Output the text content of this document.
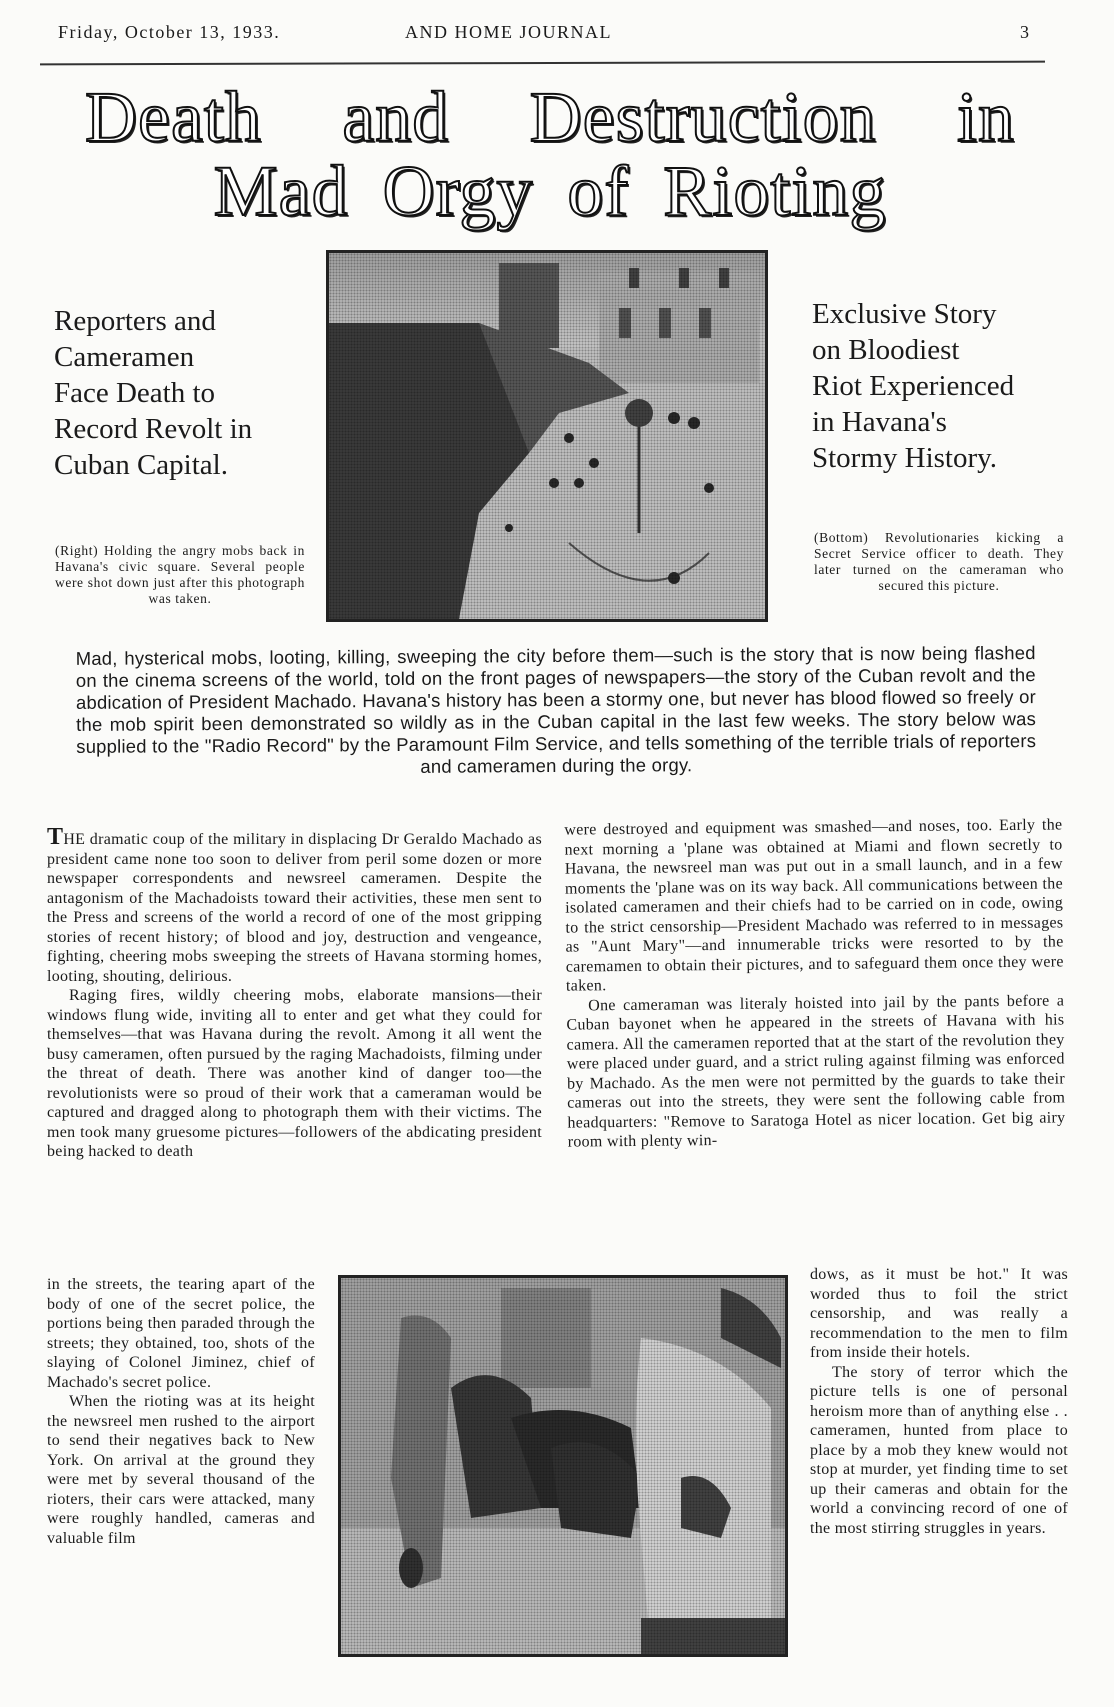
Friday, October 13, 1933.	AND HOME JOURNAL	3
Death and Destruction in
Mad Orgy of Rioting
Reporters and
Cameramen
Face Death to
Record Revolt in
Cuban Capital.
(Right) Holding the angry mobs back in Havana's civic square. Several people were shot down just after this photograph was taken.
Exclusive Story
on Bloodiest
Riot Experienced
in Havana's
Stormy History.
(Bottom) Revolutionaries kicking a Secret Service officer to death. They later turned on the cameraman who secured this picture.
Mad, hysterical mobs, looting, killing, sweeping the city before them—such is the story that is now being flashed on the cinema screens of the world, told on the front pages of newspapers—the story of the Cuban revolt and the abdication of President Machado. Havana's history has been a stormy one, but never has blood flowed so freely or the mob spirit been demonstrated so wildly as in the Cuban capital in the last few weeks. The story below was supplied to the "Radio Record" by the Paramount Film Service, and tells something of the terrible trials of reporters and cameramen during the orgy.

THE dramatic coup of the military in displacing Dr Geraldo Machado as president came none too soon to deliver from peril some dozen or more newspaper correspondents and newsreel cameramen. Despite the antagonism of the Machadoists toward their activities, these men sent to the Press and screens of the world a record of one of the most gripping stories of recent history; of blood and joy, destruction and vengeance, fighting, cheering mobs sweeping the streets of Havana storming homes, looting, shouting, delirious.

Raging fires, wildly cheering mobs, elaborate mansions—their windows flung wide, inviting all to enter and get what they could for themselves—that was Havana during the revolt. Among it all went the busy cameramen, often pursued by the raging Machadoists, filming under the threat of death. There was another kind of danger too—the revolutionists were so proud of their work that a cameraman would be captured and dragged along to photograph them with their victims. The men took many gruesome pictures—followers of the abdicating president being hacked to death

in the streets, the tearing apart of the body of one of the secret police, the portions being then paraded through the streets; they obtained, too, shots of the slaying of Colonel Jiminez, chief of Machado's secret police.

When the rioting was at its height the newsreel men rushed to the airport to send their negatives back to New York. On arrival at the ground they were met by several thousand of the rioters, their cars were attacked, many were roughly handled, cameras and valuable film

were destroyed and equipment was smashed—and noses, too. Early the next morning a 'plane was obtained at Miami and flown secretly to Havana, the newsreel man was put out in a small launch, and in a few moments the 'plane was on its way back. All communications between the isolated cameramen and their chiefs had to be carried on in code, owing to the strict censorship—President Machado was referred to in messages as "Aunt Mary"—and innumerable tricks were resorted to by the caremamen to obtain their pictures, and to safeguard them once they were taken.

One cameraman was literaly hoisted into jail by the pants before a Cuban bayonet when he appeared in the streets of Havana with his camera. All the cameramen reported that at the start of the revolution they were placed under guard, and a strict ruling against filming was enforced by Machado. As the men were not permitted by the guards to take their cameras out into the streets, they were sent the following cable from headquarters: "Remove to Saratoga Hotel as nicer location. Get big airy room with plenty win-

dows, as it must be hot." It was worded thus to foil the strict censorship, and was really a recommendation to the men to film from inside their hotels.

The story of terror which the picture tells is one of personal heroism more than of anything else . . cameramen, hunted from place to place by a mob they knew would not stop at murder, yet finding time to set up their cameras and obtain for the world a convincing record of one of the most stirring struggles in years.
